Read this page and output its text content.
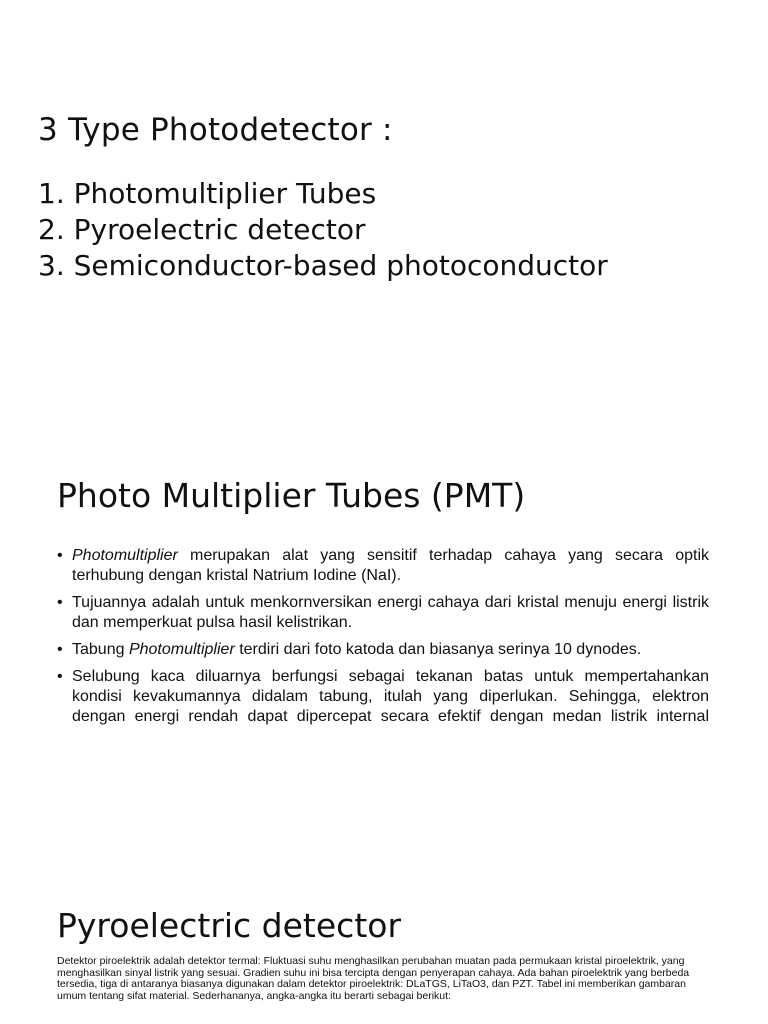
3 Type Photodetector :
1. Photomultiplier Tubes
2. Pyroelectric detector
3. Semiconductor-based photoconductor
Photo Multiplier Tubes (PMT)
• Photomultiplier merupakan alat yang sensitif terhadap cahaya yang secara optik terhubung dengan kristal Natrium Iodine (NaI).
• Tujuannya adalah untuk menkornversikan energi cahaya dari kristal menuju energi listrik dan memperkuat pulsa hasil kelistrikan.
• Tabung Photomultiplier terdiri dari foto katoda dan biasanya serinya 10 dynodes.
• Selubung kaca diluarnya berfungsi sebagai tekanan batas untuk mempertahankan kondisi kevakumannya didalam tabung, itulah yang diperlukan. Sehingga, elektron dengan energi rendah dapat dipercepat secara efektif dengan medan listrik internal
Pyroelectric detector

Detektor piroelektrik adalah detektor termal: Fluktuasi suhu menghasilkan perubahan muatan pada permukaan kristal piroelektrik, yang menghasilkan sinyal listrik yang sesuai. Gradien suhu ini bisa tercipta dengan penyerapan cahaya. Ada bahan piroelektrik yang berbeda tersedia, tiga di antaranya biasanya digunakan dalam detektor piroelektrik: DLaTGS, LiTaO3, dan PZT. Tabel ini memberikan gambaran umum tentang sifat material. Sederhananya, angka-angka itu berarti sebagai berikut:
